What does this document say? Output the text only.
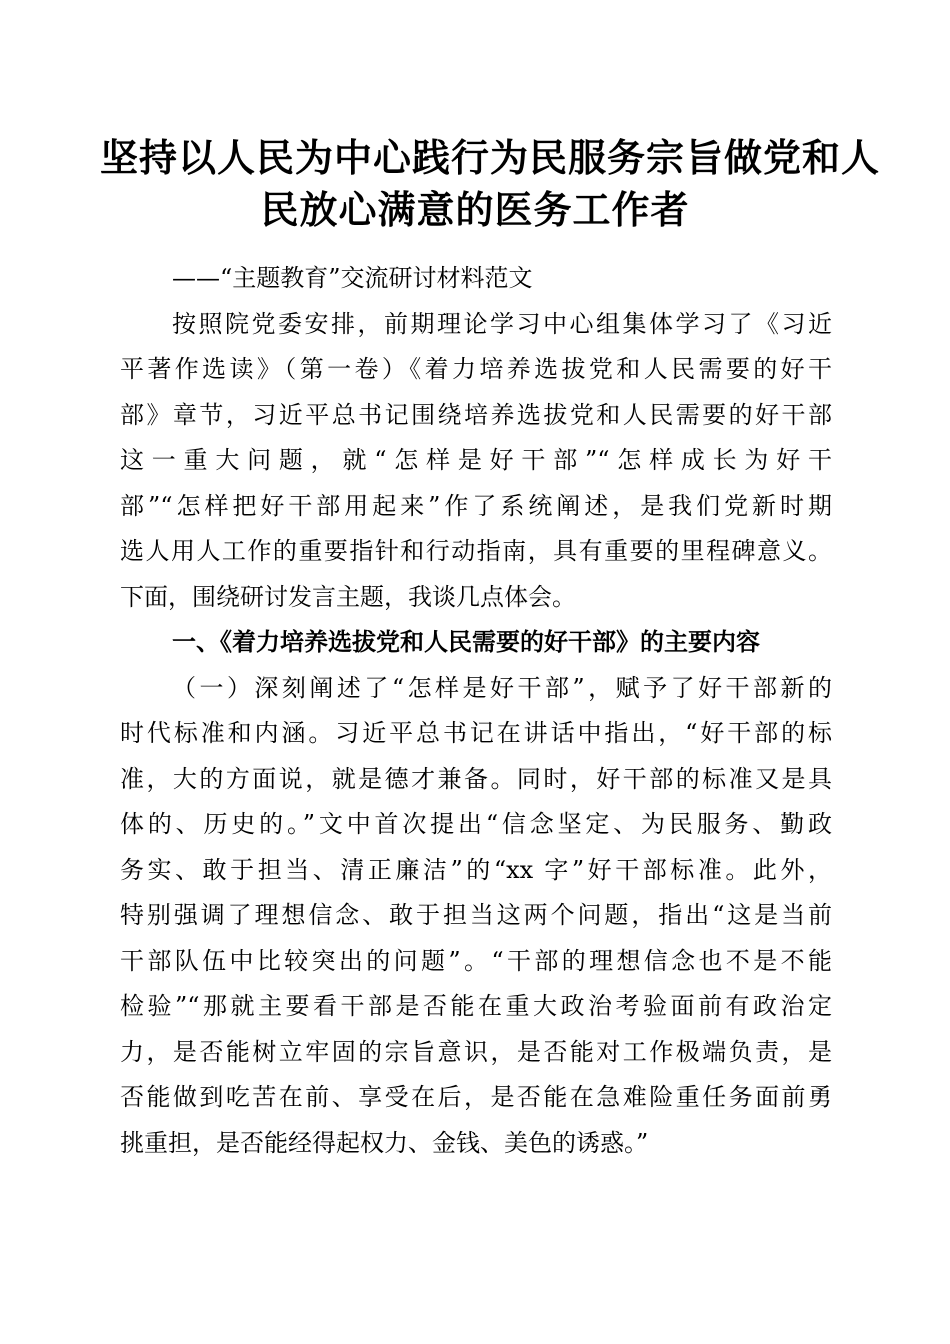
坚持以人民为中心践行为民服务宗旨做党和人
民放心满意的医务工作者
——“主题教育”交流研讨材料范文
按照院党委安排，前期理论学习中心组集体学习了《习近
平著作选读》（第一卷）《着力培养选拔党和人民需要的好干
部》章节，习近平总书记围绕培养选拔党和人民需要的好干部
这一重大问题，就“怎样是好干部”“怎样成长为好干
部”“怎样把好干部用起来”作了系统阐述，是我们党新时期
选人用人工作的重要指针和行动指南，具有重要的里程碑意义。
下面，围绕研讨发言主题，我谈几点体会。
一、《着力培养选拔党和人民需要的好干部》的主要内容
（一）深刻阐述了“怎样是好干部”，赋予了好干部新的
时代标准和内涵。习近平总书记在讲话中指出，“好干部的标
准，大的方面说，就是德才兼备。同时，好干部的标准又是具
体的、历史的。”文中首次提出“信念坚定、为民服务、勤政
务实、敢于担当、清正廉洁”的“xx 字”好干部标准。此外，
特别强调了理想信念、敢于担当这两个问题，指出“这是当前
干部队伍中比较突出的问题”。“干部的理想信念也不是不能
检验”“那就主要看干部是否能在重大政治考验面前有政治定
力，是否能树立牢固的宗旨意识，是否能对工作极端负责，是
否能做到吃苦在前、享受在后，是否能在急难险重任务面前勇
挑重担，是否能经得起权力、金钱、美色的诱惑。”
